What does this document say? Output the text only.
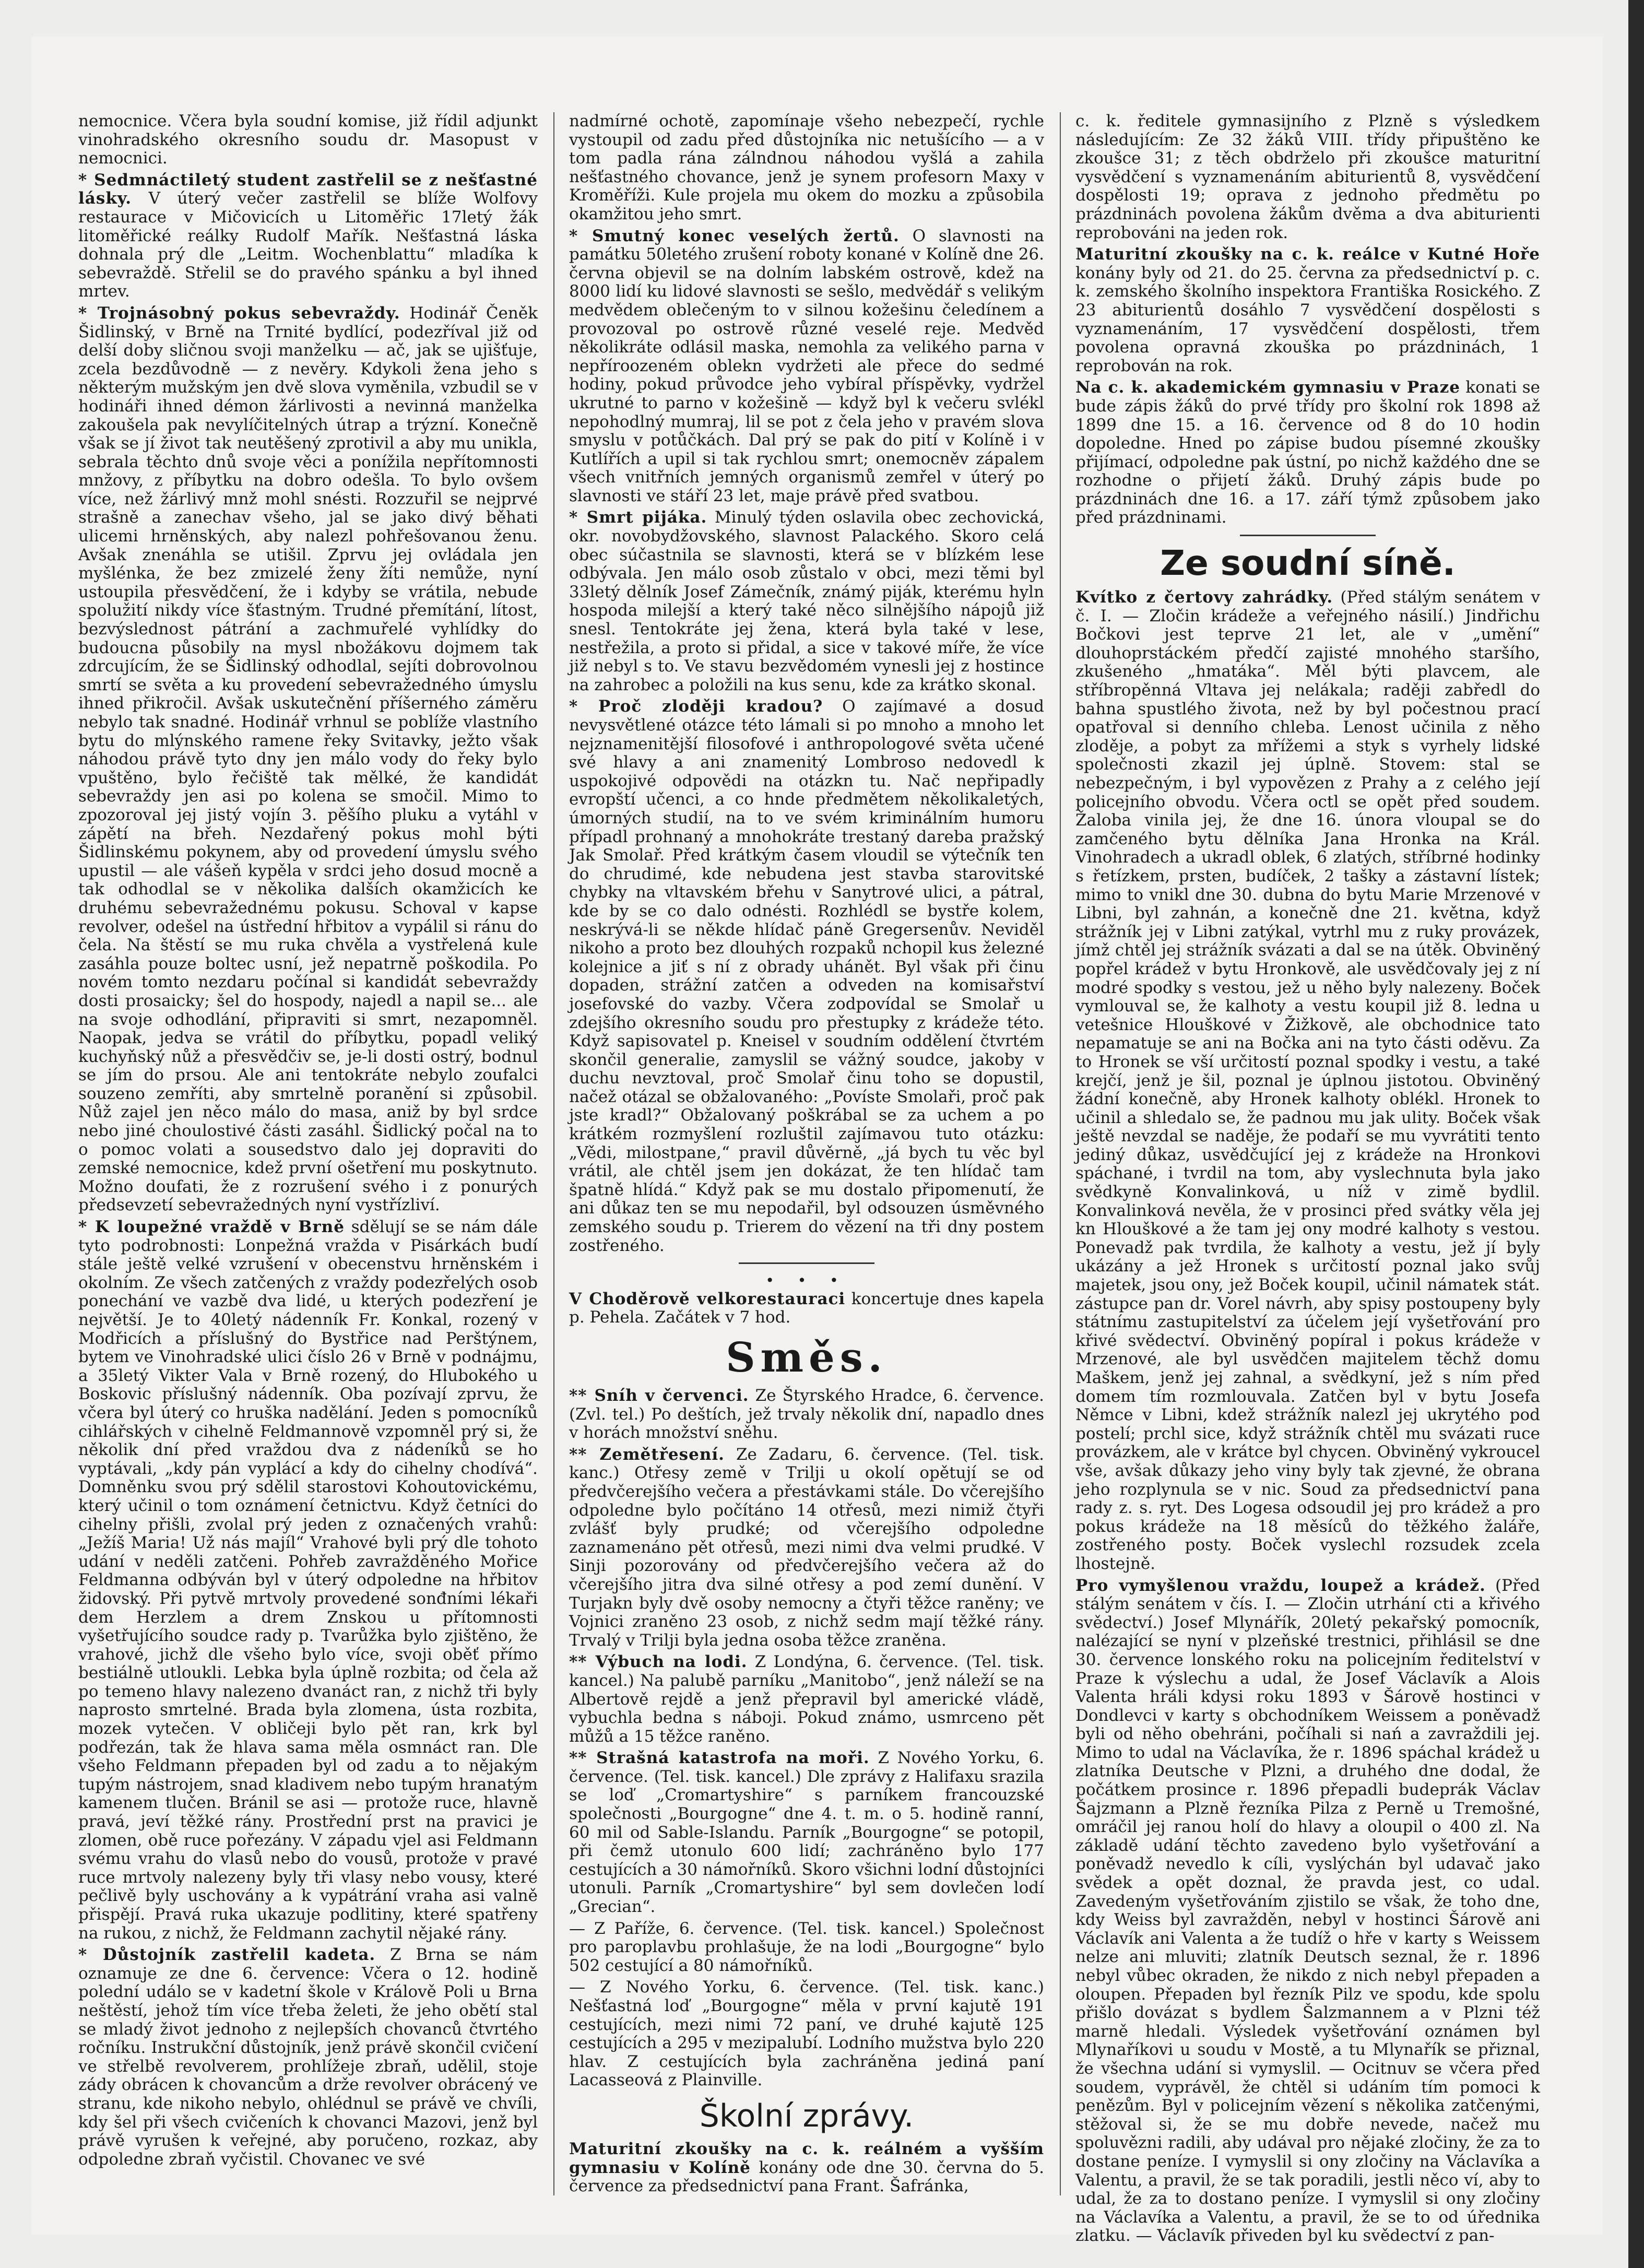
nemocnice. Včera byla soudní komise, již řídil adjunkt vinohradského okresního soudu dr. Masopust v nemocnici.

* Sedmnáctiletý student zastřelil se z nešťastné lásky. V úterý večer zastřelil se blíže Wolfovy restaurace v Mičovicích u Litoměřic 17letý žák litoměřické reálky Rudolf Mařík. Nešťastná láska dohnala prý dle „Leitm. Wochenblattu“ mladíka k sebevraždě. Střelil se do pravého spánku a byl ihned mrtev.

* Trojnásobný pokus sebevraždy. Hodinář Čeněk Šidlinský, v Brně na Trnité bydlící, podezříval již od delší doby sličnou svoji manželku — ač, jak se ujišťuje, zcela bezdůvodně — z nevěry. Kdykoli žena jeho s některým mužským jen dvě slova vyměnila, vzbudil se v hodináři ihned démon žárlivosti a nevinná manželka zakoušela pak nevylíčitelných útrap a trýzní. Konečně však se jí život tak neutěšený zprotivil a aby mu unikla, sebrala těchto dnů svoje věci a ponížila nepřítomnosti mnžovy, z příbytku na dobro odešla. To bylo ovšem více, než žárlivý mnž mohl snésti. Rozzuřil se nejprvé strašně a zanechav všeho, jal se jako divý běhati ulicemi hrněnských, aby nalezl pohřešovanou ženu. Avšak znenáhla se utišil. Zprvu jej ovládala jen myšlénka, že bez zmizelé ženy žíti nemůže, nyní ustoupila přesvědčení, že i kdyby se vrátila, nebude spolužití nikdy více šťastným. Trudné přemítání, lítost, bezvýslednost pátrání a zachmuřelé vyhlídky do budoucna působily na mysl nbožákovu dojmem tak zdrcujícím, že se Šidlinský odhodlal, sejíti dobrovolnou smrtí se světa a ku provedení sebevražedného úmyslu ihned přikročil. Avšak uskutečnění příšerného záměru nebylo tak snadné. Hodinář vrhnul se poblíže vlastního bytu do mlýnského ramene řeky Svitavky, ježto však náhodou právě tyto dny jen málo vody do řeky bylo vpuštěno, bylo řečiště tak mělké, že kandidát sebevraždy jen asi po kolena se smočil. Mimo to zpozoroval jej jistý vojín 3. pěšího pluku a vytáhl v zápětí na břeh. Nezdařený pokus mohl býti Šidlinskému pokynem, aby od provedení úmyslu svého upustil — ale vášeň kypěla v srdci jeho dosud mocně a tak odhodlal se v několika dalších okamžicích ke druhému sebevražednému pokusu. Schoval v kapse revolver, odešel na ústřední hřbitov a vypálil si ránu do čela. Na štěstí se mu ruka chvěla a vystřelená kule zasáhla pouze boltec usní, jež nepatrně poškodila. Po novém tomto nezdaru počínal si kandidát sebevraždy dosti prosaicky; šel do hospody, najedl a napil se... ale na svoje odhodlání, připraviti si smrt, nezapomněl. Naopak, jedva se vrátil do příbytku, popadl veliký kuchyňský nůž a přesvědčiv se, je-li dosti ostrý, bodnul se jím do prsou. Ale ani tentokráte nebylo zoufalci souzeno zemříti, aby smrtelně poranění si způsobil. Nůž zajel jen něco málo do masa, aniž by byl srdce nebo jiné choulostivé části zasáhl. Šidlický počal na to o pomoc volati a sousedstvo dalo jej dopraviti do zemské nemocnice, kdež první ošetření mu poskytnuto. Možno doufati, že z rozrušení svého i z ponurých předsevzetí sebevražedných nyní vystřízliví.

* K loupežné vraždě v Brně sdělují se se nám dále tyto podrobnosti: Lonpežná vražda v Pisárkách budí stále ještě velké vzrušení v obecenstvu hrněnském i okolním. Ze všech zatčených z vraždy podezřelých osob ponechání ve vazbě dva lidé, u kterých podezření je největší. Je to 40letý nádenník Fr. Konkal, rozený v Modřicích a příslušný do Bystřice nad Perštýnem, bytem ve Vinohradské ulici číslo 26 v Brně v podnájmu, a 35letý Vikter Vala v Brně rozený, do Hlubokého u Boskovic příslušný nádenník. Oba pozívají zprvu, že včera byl úterý co hruška nadělání. Jeden s pomocníků cihlářských v cihelně Feldmannově vzpomněl prý si, že několik dní před vraždou dva z nádeníků se ho vyptávali, „kdy pán vyplácí a kdy do cihelny chodívá“. Domněnku svou prý sdělil starostovi Kohoutovickému, který učinil o tom oznámení četnictvu. Když četníci do cihelny přišli, zvolal prý jeden z označených vrahů: „Ježíš Maria! Už nás majíl“ Vrahové byli prý dle tohoto udání v neděli zatčeni. Pohřeb zavražděného Mořice Feldmanna odbýván byl v úterý odpoledne na hřbitov židovský. Při pytvě mrtvoly provedené sonđními lékaři dem Herzlem a drem Znskou u přítomnosti vyšetřujícího soudce rady p. Tvarůžka bylo zjištěno, že vrahové, jichž dle všeho bylo více, svoji oběť přímo bestiálně utloukli. Lebka byla úplně rozbita; od čela až po temeno hlavy nalezeno dvanáct ran, z nichž tři byly naprosto smrtelné. Brada byla zlomena, ústa rozbita, mozek vytečen. V obličeji bylo pět ran, krk byl podřezán, tak že hlava sama měla osmnáct ran. Dle všeho Feldmann přepaden byl od zadu a to nějakým tupým nástrojem, snad kladivem nebo tupým hranatým kamenem tlučen. Bránil se asi — protože ruce, hlavně pravá, jeví těžké rány. Prostřední prst na pravici je zlomen, obě ruce pořezány. V západu vjel asi Feldmann svému vrahu do vlasů nebo do vousů, protože v pravé ruce mrtvoly nalezeny byly tři vlasy nebo vousy, které pečlivě byly uschovány a k vypátrání vraha asi valně přispějí. Pravá ruka ukazuje podlitiny, které spatřeny na rukou, z nichž, že Feldmann zachytil nějaké rány.

* Důstojník zastřelil kadeta. Z Brna se nám oznamuje ze dne 6. července: Včera o 12. hodině polední událo se v kadetní škole v Králově Poli u Brna neštěstí, jehož tím více třeba želeti, že jeho obětí stal se mladý život jednoho z nejlepších chovanců čtvrtého ročníku. Instrukční důstojník, jenž právě skončil cvičení ve střelbě revolverem, prohlížeje zbraň, udělil, stoje zády obrácen k chovancům a drže revolver obrácený ve stranu, kde nikoho nebylo, ohlédnul se právě ve chvíli, kdy šel při všech cvičeních k chovanci Mazovi, jenž byl právě vyrušen k veřejné, aby poručeno, rozkaz, aby odpoledne zbraň vyčistil. Chovanec ve své

nadmírné ochotě, zapomínaje všeho nebezpečí, rychle vystoupil od zadu před důstojníka nic netušícího — a v tom padla rána zálndnou náhodou vyšlá a zahila nešťastného chovance, jenž je synem profesorn Maxy v Kroměříži. Kule projela mu okem do mozku a způsobila okamžitou jeho smrt.

* Smutný konec veselých žertů. O slavnosti na památku 50letého zrušení roboty konané v Kolíně dne 26. června objevil se na dolním labském ostrově, kdež na 8000 lidí ku lidové slavnosti se sešlo, medvědář s velikým medvědem oblečeným to v silnou kožešinu čeledínem a provozoval po ostrově různé veselé reje. Medvěd několikráte odlásil maska, nemohla za velikého parna v nepříroozeném oblekn vydržeti ale přece do sedmé hodiny, pokud průvodce jeho vybíral příspěvky, vydržel ukrutné to parno v kožešině — když byl k večeru svlékl nepohodlný mumraj, lil se pot z čela jeho v pravém slova smyslu v potůčkách. Dal prý se pak do pití v Kolíně i v Kutlířích a upil si tak rychlou smrt; onemocněv zápalem všech vnitřních jemných organismů zemřel v úterý po slavnosti ve stáří 23 let, maje právě před svatbou.

* Smrt pijáka. Minulý týden oslavila obec zechovická, okr. novobydžovského, slavnost Palackého. Skoro celá obec súčastnila se slavnosti, která se v blízkém lese odbývala. Jen málo osob zůstalo v obci, mezi těmi byl 33letý dělník Josef Zámečník, známý piják, kterému hyln hospoda milejší a který také něco silnějšího nápojů již snesl. Tentokráte jej žena, která byla také v lese, nestřežila, a proto si přidal, a sice v takové míře, že více již nebyl s to. Ve stavu bezvědomém vynesli jej z hostince na zahrobec a položili na kus senu, kde za krátko skonal.

* Proč zloději kradou? O zajímavé a dosud nevysvětlené otázce této lámali si po mnoho a mnoho let nejznamenitější filosofové i anthropologové světa učené své hlavy a ani znamenitý Lombroso nedovedl k uspokojivé odpovědi na otázkn tu. Nač nepřipadly evropští učenci, a co hnde předmětem několikaletých, úmorných studií, na to ve svém kriminálním humoru případl prohnaný a mnohokráte trestaný dareba pražský Jak Smolař. Před krátkým časem vloudil se výtečník ten do chrudimé, kde nebudena jest stavba starovitské chybky na vltavském břehu v Sanytrové ulici, a pátral, kde by se co dalo odnésti. Rozhlédl se bystře kolem, neskrývá-li se někde hlídač páně Gregersenův. Neviděl nikoho a proto bez dlouhých rozpaků nchopil kus železné kolejnice a jiť s ní z obrady uhánět. Byl však při činu dopaden, strážní zatčen a odveden na komisařství josefovské do vazby. Včera zodpovídal se Smolař u zdejšího okresního soudu pro přestupky z krádeže této. Když sapisovatel p. Kneisel v soudním oddělení čtvrtém skončil generalie, zamyslil se vážný soudce, jakoby v duchu nevztoval, proč Smolař činu toho se dopustil, načež otázal se obžalovaného: „Povíste Smolaři, proč pak jste kradl?“ Obžalovaný poškrábal se za uchem a po krátkém rozmyšlení rozluštil zajímavou tuto otázku: „Vědi, milostpane,“ pravil důvěrně, „já bych tu věc byl vrátil, ale chtěl jsem jen dokázat, že ten hlídač tam špatně hlídá.“ Když pak se mu dostalo připomenutí, že ani důkaz ten se mu nepodařil, byl odsouzen úsměvného zemského soudu p. Trierem do vězení na tři dny postem zostřeného.

• • •

V Choděrově velkorestauraci koncertuje dnes kapela p. Pehela. Začátek v 7 hod.

Směs.

** Sníh v červenci. Ze Štyrského Hradce, 6. července. (Zvl. tel.) Po deštích, jež trvaly několik dní, napadlo dnes v horách množství sněhu.

** Zemětřesení. Ze Zadaru, 6. července. (Tel. tisk. kanc.) Otřesy země v Trilji u okolí opětují se od předvčerejšího večera a přestávkami stále. Do včerejšího odpoledne bylo počítáno 14 otřesů, mezi nimiž čtyři zvlášť byly prudké; od včerejšího odpoledne zaznamenáno pět otřesů, mezi nimi dva velmi prudké. V Sinji pozorovány od předvčerejšího večera až do včerejšího jitra dva silné otřesy a pod zemí dunění. V Turjakn byly dvě osoby nemocny a čtyři těžce raněny; ve Vojnici zraněno 23 osob, z nichž sedm mají těžké rány. Trvalý v Trilji byla jedna osoba těžce zraněna.

** Výbuch na lodi. Z Londýna, 6. července. (Tel. tisk. kancel.) Na palubě parníku „Manitobo“, jenž náleží se na Albertově rejdě a jenž přepravil byl americké vládě, vybuchla bedna s náboji. Pokud známo, usmrceno pět můžů a 15 těžce raněno.

** Strašná katastrofa na moři. Z Nového Yorku, 6. července. (Tel. tisk. kancel.) Dle zprávy z Halifaxu srazila se loď „Cromartyshire“ s parníkem francouzské společnosti „Bourgogne“ dne 4. t. m. o 5. hodině ranní, 60 mil od Sable-Islandu. Parník „Bourgogne“ se potopil, při čemž utonulo 600 lidí; zachráněno bylo 177 cestujících a 30 námořníků. Skoro všichni lodní důstojníci utonuli. Parník „Cromartyshire“ byl sem dovlečen lodí „Grecian“.

— Z Paříže, 6. července. (Tel. tisk. kancel.) Společnost pro paroplavbu prohlašuje, že na lodi „Bourgogne“ bylo 502 cestující a 80 námořníků.

— Z Nového Yorku, 6. července. (Tel. tisk. kanc.) Nešťastná loď „Bourgogne“ měla v první kajutě 191 cestujících, mezi nimi 72 paní, ve druhé kajutě 125 cestujících a 295 v mezipalubí. Lodního mužstva bylo 220 hlav. Z cestujících byla zachráněna jediná paní Lacasseová z Plainville.

Školní zprávy.

Maturitní zkoušky na c. k. reálném a vyšším gymnasiu v Kolíně konány ode dne 30. června do 5. července za předsednictví pana Frant. Šafránka,

c. k. ředitele gymnasijního z Plzně s výsledkem následujícím: Ze 32 žáků VIII. třídy připuštěno ke zkoušce 31; z těch obdrželo při zkoušce maturitní vysvědčení s vyznamenáním abiturientů 8, vysvědčení dospělosti 19; oprava z jednoho předmětu po prázdninách povolena žákům dvěma a dva abiturienti reprobováni na jeden rok.

Maturitní zkoušky na c. k. reálce v Kutné Hoře konány byly od 21. do 25. června za předsednictví p. c. k. zemského školního inspektora Františka Rosického. Z 23 abiturientů dosáhlo 7 vysvědčení dospělosti s vyznamenáním, 17 vysvědčení dospělosti, třem povolena opravná zkouška po prázdninách, 1 reprobován na rok.

Na c. k. akademickém gymnasiu v Praze konati se bude zápis žáků do prvé třídy pro školní rok 1898 až 1899 dne 15. a 16. července od 8 do 10 hodin dopoledne. Hned po zápise budou písemné zkoušky přijímací, odpoledne pak ústní, po nichž každého dne se rozhodne o přijetí žáků. Druhý zápis bude po prázdninách dne 16. a 17. září týmž způsobem jako před prázdninami.

Ze soudní síně.

Kvítko z čertovy zahrádky. (Před stálým senátem v č. I. — Zločin krádeže a veřejného násilí.) Jindřichu Bočkovi jest teprve 21 let, ale v „umění“ dlouhoprstáckém předčí zajisté mnohého staršího, zkušeného „hmatáka“. Měl býti plavcem, ale stříbropěnná Vltava jej nelákala; raději zabředl do bahna spustlého života, než by byl počestnou prací opatřoval si denního chleba. Lenost učinila z něho zloděje, a pobyt za mřížemi a styk s vyrhely lidské společnosti zkazil jej úplně. Stovem: stal se nebezpečným, i byl vypovězen z Prahy a z celého její policejního obvodu. Včera octl se opět před soudem. Žaloba vinila jej, že dne 16. února vloupal se do zamčeného bytu dělníka Jana Hronka na Král. Vinohradech a ukradl oblek, 6 zlatých, stříbrné hodinky s řetízkem, prsten, budíček, 2 tašky a zástavní lístek; mimo to vnikl dne 30. dubna do bytu Marie Mrzenové v Libni, byl zahnán, a konečně dne 21. května, když strážník jej v Libni zatýkal, vytrhl mu z ruky provázek, jímž chtěl jej strážník svázati a dal se na útěk. Obviněný popřel krádež v bytu Hronkově, ale usvědčovaly jej z ní modré spodky s vestou, jež u něho byly nalezeny. Boček vymlouval se, že kalhoty a vestu koupil již 8. ledna u vetešnice Hlouškové v Žižkově, ale obchodnice tato nepamatuje se ani na Bočka ani na tyto části oděvu. Za to Hronek se vší určitostí poznal spodky i vestu, a také krejčí, jenž je šil, poznal je úplnou jistotou. Obviněný žádní konečně, aby Hronek kalhoty oblékl. Hronek to učinil a shledalo se, že padnou mu jak ulity. Boček však ještě nevzdal se naděje, že podaří se mu vyvrátiti tento jediný důkaz, usvědčující jej z krádeže na Hronkovi spáchané, i tvrdil na tom, aby vyslechnuta byla jako svědkyně Konvalinková, u níž v zimě bydlil. Konvalinková nevěla, že v prosinci před svátky věla jej kn Hlouškové a že tam jej ony modré kalhoty s vestou. Ponevadž pak tvrdila, že kalhoty a vestu, jež jí byly ukázány a jež Hronek s určitostí poznal jako svůj majetek, jsou ony, jež Boček koupil, učinil námatek stát. zástupce pan dr. Vorel návrh, aby spisy postoupeny byly státnímu zastupitelství za účelem její vyšetřování pro křivé svědectví. Obviněný popíral i pokus krádeže v Mrzenové, ale byl usvědčen majitelem těchž domu Maškem, jenž jej zahnal, a svědkyní, jež s ním před domem tím rozmlouvala. Zatčen byl v bytu Josefa Němce v Libni, kdež strážník nalezl jej ukrytého pod postelí; prchl sice, když strážník chtěl mu svázati ruce provázkem, ale v krátce byl chycen. Obviněný vykroucel vše, avšak důkazy jeho viny byly tak zjevné, že obrana jeho rozplynula se v nic. Soud za předsednictví pana rady z. s. ryt. Des Logesa odsoudil jej pro krádež a pro pokus krádeže na 18 měsíců do těžkého žaláře, zostřeného posty. Boček vyslechl rozsudek zcela lhostejně.

Pro vymyšlenou vraždu, loupež a krádež. (Před stálým senátem v čís. I. — Zločin utrhání cti a křivého svědectví.) Josef Mlynářík, 20letý pekařský pomocník, nalézající se nyní v plzeňské trestnici, přihlásil se dne 30. července lonského roku na policejním ředitelství v Praze k výslechu a udal, že Josef Václavík a Alois Valenta hráli kdysi roku 1893 v Šárově hostinci v Dondlevci v karty s obchodníkem Weissem a poněvadž byli od něho obehráni, počíhali si nań a zavraždili jej. Mimo to udal na Václavíka, že r. 1896 spáchal krádež u zlatníka Deutsche v Plzni, a druhého dne dodal, že počátkem prosince r. 1896 přepadli budeprák Václav Šajzmann a Plzně řezníka Pilza z Perně u Tremošné, omráčil jej ranou holí do hlavy a oloupil o 400 zl. Na základě udání těchto zavedeno bylo vyšetřování a poněvadž nevedlo k cíli, vyslýchán byl udavač jako svědek a opět doznal, že pravda jest, co udal. Zavedeným vyšetřováním zjistilo se však, že toho dne, kdy Weiss byl zavražděn, nebyl v hostinci Šárově ani Václavík ani Valenta a že tudíž o hře v karty s Weissem nelze ani mluviti; zlatník Deutsch seznal, že r. 1896 nebyl vůbec okraden, že nikdo z nich nebyl přepaden a oloupen. Přepaden byl řezník Pilz ve spodu, kde spolu přišlo dovázat s bydlem Šalzmannem a v Plzni též marně hledali. Výsledek vyšetřování oznámen byl Mlynaříkovi u soudu v Mostě, a tu Mlynařík se přiznal, že všechna udání si vymyslil. — Ocitnuv se včera před soudem, vyprávěl, že chtěl si udáním tím pomoci k penězům. Byl v policejním vězení s několika zatčenými, stěžoval si, že se mu dobře nevede, načež mu spoluvězni radili, aby udával pro nějaké zločiny, že za to dostane peníze. I vymyslil si ony zločiny na Václavíka a Valentu, a pravil, že se tak poradili, jestli něco ví, aby to udal, že za to dostano peníze. I vymyslil si ony zločiny na Václavíka a Valentu, a pravil, že se to od úřednika zlatku. — Václavík přiveden byl ku svědectví z pan-
